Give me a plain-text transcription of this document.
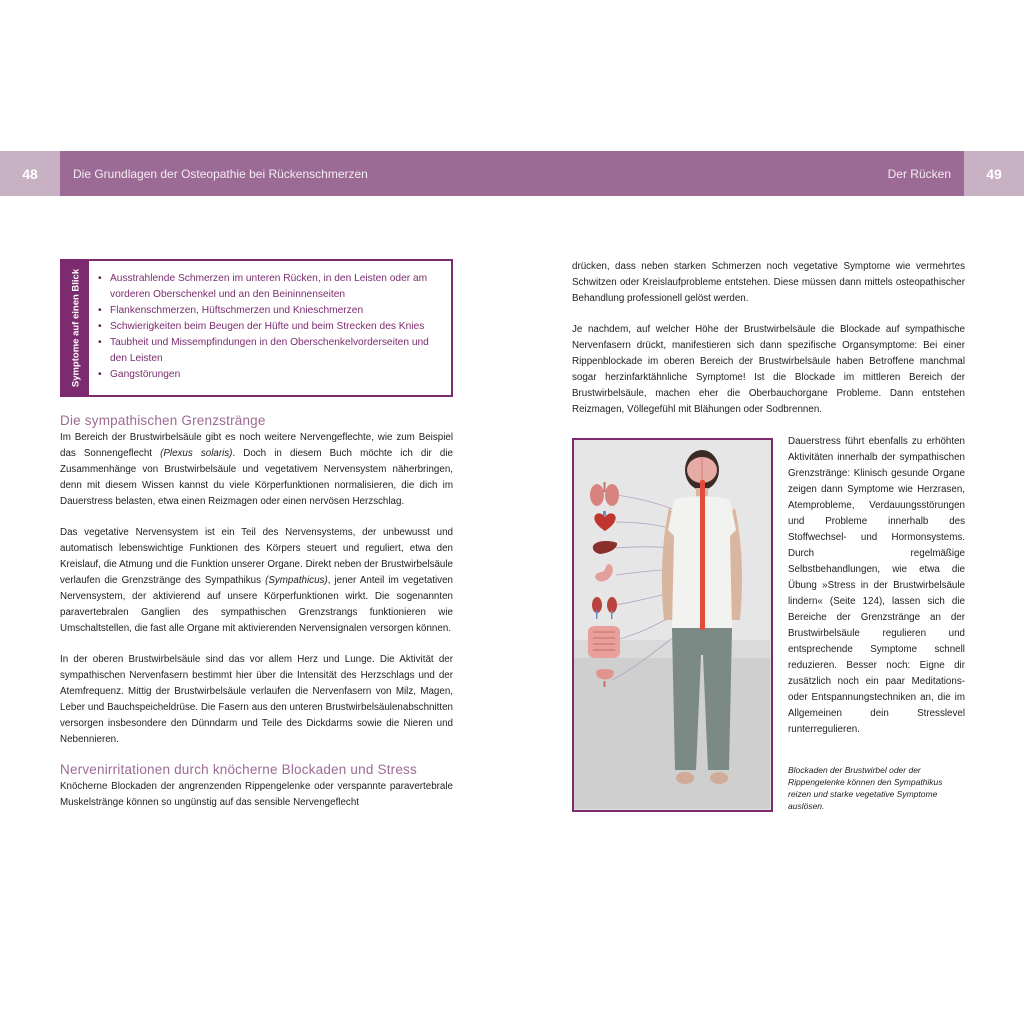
48	Die Grundlagen der Osteopathie bei Rückenschmerzen	Der Rücken	49
Symptome auf einen Blick
•	Ausstrahlende Schmerzen im unteren Rücken, in den Leisten oder am vorderen Oberschenkel und an den Beininnenseiten
• Flankenschmerzen, Hüftschmerzen und Knieschmerzen
• Schwierigkeiten beim Beugen der Hüfte und beim Strecken des Knies
• Taubheit und Missempfindungen in den Oberschenkelvorderseiten und den Leisten
• Gangstörungen
Die sympathischen Grenzstränge

Im Bereich der Brustwirbelsäule gibt es noch weitere Nervengeflechte, wie zum Beispiel das Sonnengeflecht (Plexus solaris). Doch in diesem Buch möchte ich dir die Zusammenhänge von Brustwirbelsäule und vegetativem Nervensystem näherbringen, denn mit diesem Wissen kannst du viele Körperfunktionen normalisieren, die dich im Dauerstress belasten, etwa einen Reizmagen oder einen nervösen Herzschlag.

Das vegetative Nervensystem ist ein Teil des Nervensystems, der unbewusst und automatisch lebenswichtige Funktionen des Körpers steuert und reguliert, etwa den Kreislauf, die Atmung und die Funktion unserer Organe. Direkt neben der Brustwirbelsäule verlaufen die Grenzstränge des Sympathikus (Sympathicus), jener Anteil im vegetativen Nervensystem, der aktivierend auf unsere Körperfunktionen wirkt. Die sogenannten paravertebralen Ganglien des sympathischen Grenzstrangs funktionieren wie Umschaltstellen, die fast alle Organe mit aktivierenden Nervensignalen versorgen können.

In der oberen Brustwirbelsäule sind das vor allem Herz und Lunge. Die Aktivität der sympathischen Nervenfasern bestimmt hier über die Intensität des Herzschlags und der Atemfrequenz. Mittig der Brustwirbelsäule verlaufen die Nervenfasern von Milz, Magen, Leber und Bauchspeicheldrüse. Die Fasern aus den unteren Brustwirbelsäulenabschnitten versorgen insbesondere den Dünndarm und Teile des Dickdarms sowie die Nieren und Nebennieren.

Nervenirritationen durch knöcherne Blockaden und Stress

Knöcherne Blockaden der angrenzenden Rippengelenke oder verspannte paravertebrale Muskelstränge können so ungünstig auf das sensible Nervengeflecht

drücken, dass neben starken Schmerzen noch vegetative Symptome wie vermehrtes Schwitzen oder Kreislaufprobleme entstehen. Diese müssen dann mittels osteopathischer Behandlung professionell gelöst werden.

Je nachdem, auf welcher Höhe der Brustwirbelsäule die Blockade auf sympathische Nervenfasern drückt, manifestieren sich dann spezifische Organsymptome: Bei einer Rippenblockade im oberen Bereich der Brustwirbelsäule haben Betroffene manchmal sogar herzinfarktähnliche Symptome! Ist die Blockade im mittleren Bereich der Brustwirbelsäule, machen eher die Oberbauchorgane Probleme. Dann entstehen Reizmagen, Völlegefühl mit Blähungen oder Sodbrennen.

Dauerstress führt ebenfalls zu erhöhten Aktivitäten innerhalb der sympathischen Grenzstränge: Klinisch gesunde Organe zeigen dann Symptome wie Herzrasen, Atemprobleme, Verdauungsstörungen und Probleme innerhalb des Stoffwechsel- und Hormonsystems. Durch regelmäßige Selbstbehandlungen, wie etwa die Übung »Stress in der Brustwirbelsäule lindern« (Seite 124), lassen sich die Bereiche der Grenzstränge an der Brustwirbelsäule regulieren und entsprechende Symptome schnell reduzieren. Besser noch: Eigne dir zusätzlich noch ein paar Meditations- oder Entspannungstechniken an, die im Allgemeinen dein Stresslevel runterregulieren.

Blockaden der Brustwirbel oder der Rippengelenke können den Sympathikus reizen und starke vegetative Symptome auslösen.
